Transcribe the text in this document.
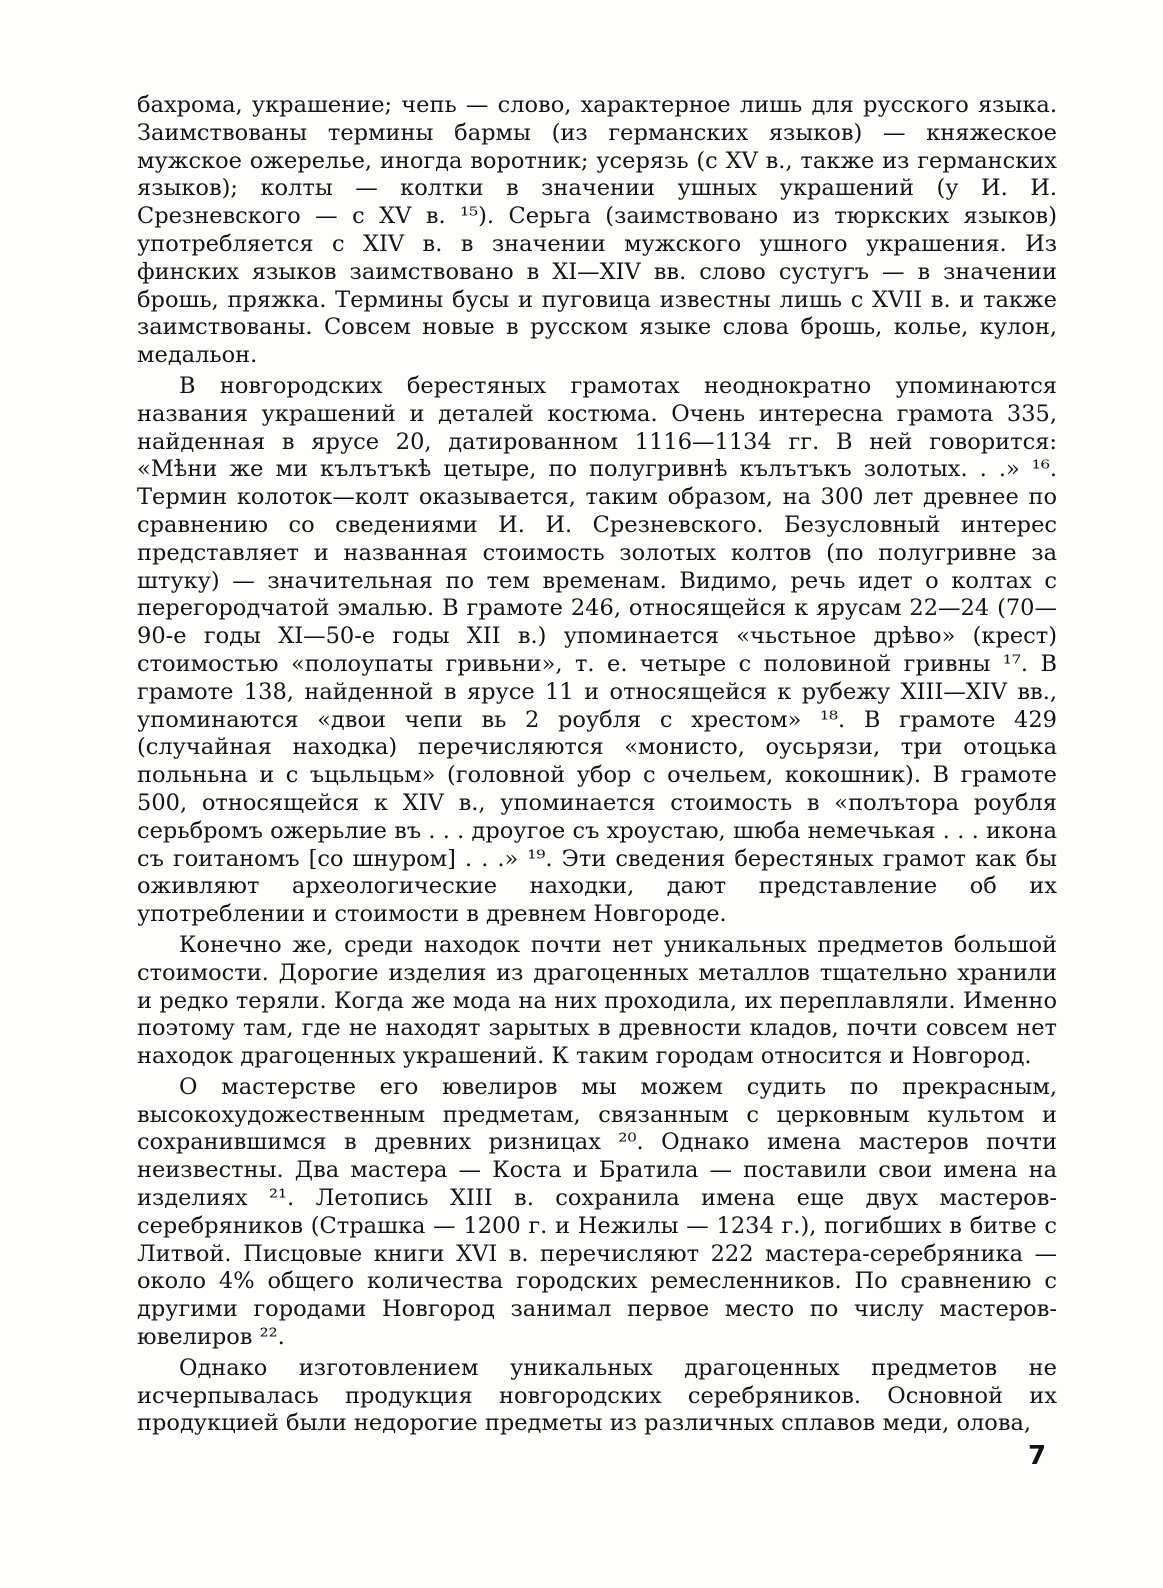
бахрома, украшение; чепь — слово, характерное лишь для русского языка. Заимствованы термины бармы (из германских языков) — княжеское мужское ожерелье, иногда воротник; усерязь (с XV в., также из германских языков); колты — колтки в значении ушных украшений (у И. И. Срезневского — с XV в. ¹⁵). Серьга (заимствовано из тюркских языков) употребляется с XIV в. в значении мужского ушного украшения. Из финских языков заимствовано в XI—XIV вв. слово сустугъ — в значении брошь, пряжка. Термины бусы и пуговица известны лишь с XVII в. и также заимствованы. Совсем новые в русском языке слова брошь, колье, кулон, медальон.

В новгородских берестяных грамотах неоднократно упоминаются названия украшений и деталей костюма. Очень интересна грамота 335, найденная в ярусе 20, датированном 1116—1134 гг. В ней говорится: «Мѣни же ми кълътъкѣ цетыре, по полугривнѣ кълътъкъ золотых. . .» ¹⁶. Термин колоток—колт оказывается, таким образом, на 300 лет древнее по сравнению со сведениями И. И. Срезневского. Безусловный интерес представляет и названная стоимость золотых колтов (по полугривне за штуку) — значительная по тем временам. Видимо, речь идет о колтах с перегородчатой эмалью. В грамоте 246, относящейся к ярусам 22—24 (70—90-е годы XI—50-е годы XII в.) упоминается «чьстьное дрѣво» (крест) стоимостью «полоупаты гривьни», т. е. четыре с половиной гривны ¹⁷. В грамоте 138, найденной в ярусе 11 и относящейся к рубежу XIII—XIV вв., упоминаются «двои чепи вь 2 роубля с хрестом» ¹⁸. В грамоте 429 (случайная находка) перечисляются «монисто, оусьрязи, три отоцька польньна и с ъцьльцьм» (головной убор с очельем, кокошник). В грамоте 500, относящейся к XIV в., упоминается стоимость в «полътора роубля серьбромъ ожерьлие въ . . . дроугое съ хроустаю, шюба немечькая . . . икона съ гоитаномъ [со шнуром] . . .» ¹⁹. Эти сведения берестяных грамот как бы оживляют археологические находки, дают представление об их употреблении и стоимости в древнем Новгороде.

Конечно же, среди находок почти нет уникальных предметов большой стоимости. Дорогие изделия из драгоценных металлов тщательно хранили и редко теряли. Когда же мода на них проходила, их переплавляли. Именно поэтому там, где не находят зарытых в древности кладов, почти совсем нет находок драгоценных украшений. К таким городам относится и Новгород.

О мастерстве его ювелиров мы можем судить по прекрасным, высокохудожественным предметам, связанным с церковным культом и сохранившимся в древних ризницах ²⁰. Однако имена мастеров почти неизвестны. Два мастера — Коста и Братила — поставили свои имена на изделиях ²¹. Летопись XIII в. сохранила имена еще двух мастеров-серебряников (Страшка — 1200 г. и Нежилы — 1234 г.), погибших в битве с Литвой. Писцовые книги XVI в. перечисляют 222 мастера-серебряника — около 4% общего количества городских ремесленников. По сравнению с другими городами Новгород занимал первое место по числу мастеров-ювелиров ²².

Однако изготовлением уникальных драгоценных предметов не исчерпывалась продукция новгородских серебряников. Основной их продукцией были недорогие предметы из различных сплавов меди, олова,

7
